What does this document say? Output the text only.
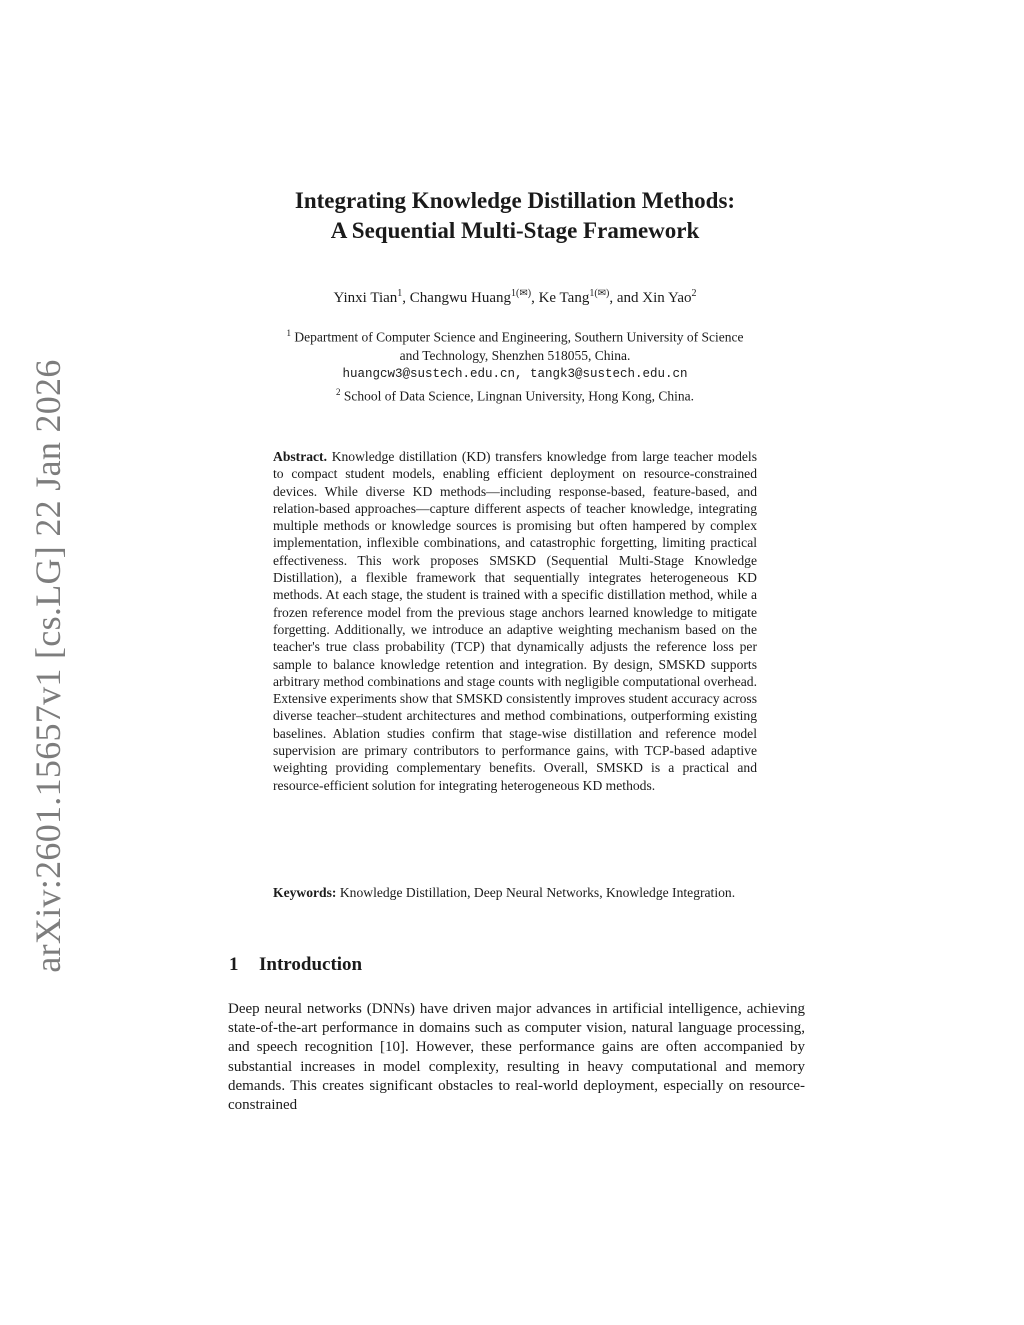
arXiv:2601.15657v1 [cs.LG] 22 Jan 2026
Integrating Knowledge Distillation Methods:
A Sequential Multi-Stage Framework
Yinxi Tian$^1$, Changwu Huang$^{1(✉)}$, Ke Tang$^{1(✉)}$, and Xin Yao$^2$
$^1$ Department of Computer Science and Engineering, Southern University of Science
and Technology, Shenzhen 518055, China.
huangcw3@sustech.edu.cn, tangk3@sustech.edu.cn
$^2$ School of Data Science, Lingnan University, Hong Kong, China.
Abstract. Knowledge distillation (KD) transfers knowledge from large teacher models to compact student models, enabling efficient deployment on resource-constrained devices. While diverse KD methods—including response-based, feature-based, and relation-based approaches—capture different aspects of teacher knowledge, integrating multiple methods or knowledge sources is promising but often hampered by complex implementation, inflexible combinations, and catastrophic forgetting, limiting practical effectiveness. This work proposes SMSKD (Sequential Multi-Stage Knowledge Distillation), a flexible framework that sequentially integrates heterogeneous KD methods. At each stage, the student is trained with a specific distillation method, while a frozen reference model from the previous stage anchors learned knowledge to mitigate forgetting. Additionally, we introduce an adaptive weighting mechanism based on the teacher's true class probability (TCP) that dynamically adjusts the reference loss per sample to balance knowledge retention and integration. By design, SMSKD supports arbitrary method combinations and stage counts with negligible computational overhead. Extensive experiments show that SMSKD consistently improves student accuracy across diverse teacher–student architectures and method combinations, outperforming existing baselines. Ablation studies confirm that stage-wise distillation and reference model supervision are primary contributors to performance gains, with TCP-based adaptive weighting providing complementary benefits. Overall, SMSKD is a practical and resource-efficient solution for integrating heterogeneous KD methods.
Keywords: Knowledge Distillation, Deep Neural Networks, Knowledge Integration.
1 Introduction
Deep neural networks (DNNs) have driven major advances in artificial intelligence, achieving state-of-the-art performance in domains such as computer vision, natural language processing, and speech recognition [10]. However, these performance gains are often accompanied by substantial increases in model complexity, resulting in heavy computational and memory demands. This creates significant obstacles to real-world deployment, especially on resource-constrained
